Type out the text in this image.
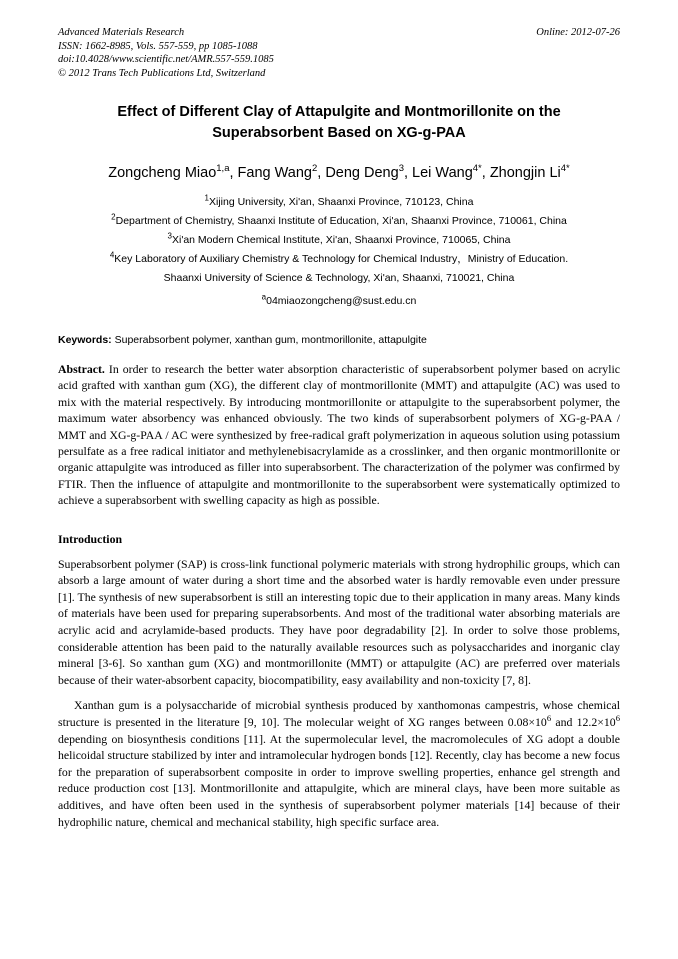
Advanced Materials Research
ISSN: 1662-8985, Vols. 557-559, pp 1085-1088
doi:10.4028/www.scientific.net/AMR.557-559.1085
© 2012 Trans Tech Publications Ltd, Switzerland
Online: 2012-07-26
Effect of Different Clay of Attapulgite and Montmorillonite on the
Superabsorbent Based on XG-g-PAA
Zongcheng Miao$^{1,a}$, Fang Wang$^2$, Deng Deng$^3$, Lei Wang$^{4*}$, Zhongjin $Li^{4*}$
$^1$Xijing University, Xi'an, Shaanxi Province, 710123, China
$^2$Department of Chemistry, Shaanxi Institute of Education, Xi'an, Shaanxi Province, 710061, China
$^3$Xi'an Modern Chemical Institute, Xi'an, Shaanxi Province, 710065, China
$^4$Key Laboratory of Auxiliary Chemistry & Technology for Chemical Industry，Ministry of Education.
Shaanxi University of Science & Technology, Xi'an, Shaanxi, 710021, China
$^a$04miaozongcheng@sust.edu.cn
Keywords: Superabsorbent polymer, xanthan gum, montmorillonite, attapulgite
Abstract. In order to research the better water absorption characteristic of superabsorbent polymer based on acrylic acid grafted with xanthan gum (XG), the different clay of montmorillonite (MMT) and attapulgite (AC) was used to mix with the material respectively. By introducing montmorillonite or attapulgite to the superabsorbent polymer, the maximum water absorbency was enhanced obviously. The two kinds of superabsorbent polymers of XG-g-PAA / MMT and XG-g-PAA / AC were synthesized by free-radical graft polymerization in aqueous solution using potassium persulfate as a free radical initiator and methylenebisacrylamide as a crosslinker, and then organic montmorillonite or organic attapulgite was introduced as filler into superabsorbent. The characterization of the polymer was confirmed by FTIR. Then the influence of attapulgite and montmorillonite to the superabsorbent were systematically optimized to achieve a superabsorbent with swelling capacity as high as possible.
Introduction

Superabsorbent polymer (SAP) is cross-link functional polymeric materials with strong hydrophilic groups, which can absorb a large amount of water during a short time and the absorbed water is hardly removable even under pressure [1]. The synthesis of new superabsorbent is still an interesting topic due to their application in many areas. Many kinds of materials have been used for preparing superabsorbents. And most of the traditional water absorbing materials are acrylic acid and acrylamide-based products. They have poor degradability [2]. In order to solve those problems, considerable attention has been paid to the naturally available resources such as polysaccharides and inorganic clay mineral [3-6]. So xanthan gum (XG) and montmorillonite (MMT) or attapulgite (AC) are preferred over materials because of their water-absorbent capacity, biocompatibility, easy availability and non-toxicity [7, 8].

Xanthan gum is a polysaccharide of microbial synthesis produced by xanthomonas campestris, whose chemical structure is presented in the literature [9, 10]. The molecular weight of XG ranges between $0.08\times 10^6$ and $12.2\times 10^6$ depending on biosynthesis conditions [11]. At the supermolecular level, the macromolecules of XG adopt a double helicoidal structure stabilized by inter and intramolecular hydrogen bonds [12]. Recently, clay has become a new focus for the preparation of superabsorbent composite in order to improve swelling properties, enhance gel strength and reduce production cost [13]. Montmorillonite and attapulgite, which are mineral clays, have been more suitable as additives, and have often been used in the synthesis of superabsorbent polymer materials [14] because of their hydrophilic nature, chemical and mechanical stability, high specific surface area.
